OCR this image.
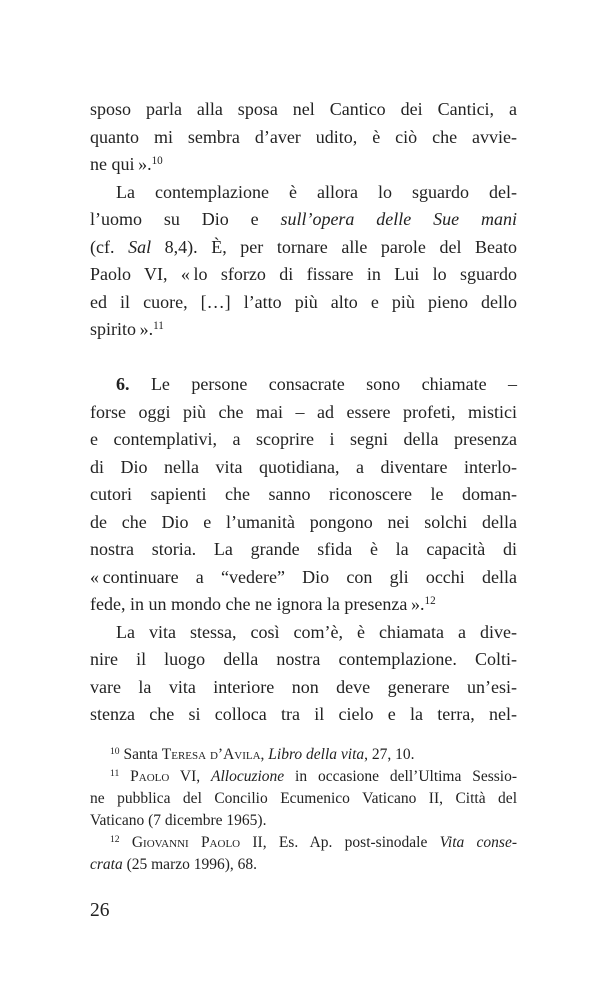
sposo parla alla sposa nel Cantico dei Cantici, a
quanto mi sembra d’aver udito, è ciò che avvie-
ne qui ».$^{10}$
La contemplazione è allora lo sguardo del-
l’uomo su Dio e sull’opera delle Sue mani
(cf. Sal 8,4). È, per tornare alle parole del Beato
Paolo VI, « lo sforzo di fissare in Lui lo sguardo
ed il cuore, […] l’atto più alto e più pieno dello
spirito ».$^{11}$
6. Le persone consacrate sono chiamate –
forse oggi più che mai – ad essere profeti, mistici
e contemplativi, a scoprire i segni della presenza
di Dio nella vita quotidiana, a diventare interlo-
cutori sapienti che sanno riconoscere le doman-
de che Dio e l’umanità pongono nei solchi della
nostra storia. La grande sfida è la capacità di
« continuare a “vedere” Dio con gli occhi della
fede, in un mondo che ne ignora la presenza ».$^{12}$
La vita stessa, così com’è, è chiamata a dive-
nire il luogo della nostra contemplazione. Colti-
vare la vita interiore non deve generare un’esi-
stenza che si colloca tra il cielo e la terra, nel-
$^{10}$ Santa Teresa d’Avila, Libro della vita, 27, 10.
$^{11}$ Paolo VI, Allocuzione in occasione dell’Ultima Sessio-
ne pubblica del Concilio Ecumenico Vaticano II, Città del
Vaticano (7 dicembre 1965).
$^{12}$ Giovanni Paolo II, Es. Ap. post-sinodale Vita conse-
crata (25 marzo 1996), 68.
26
